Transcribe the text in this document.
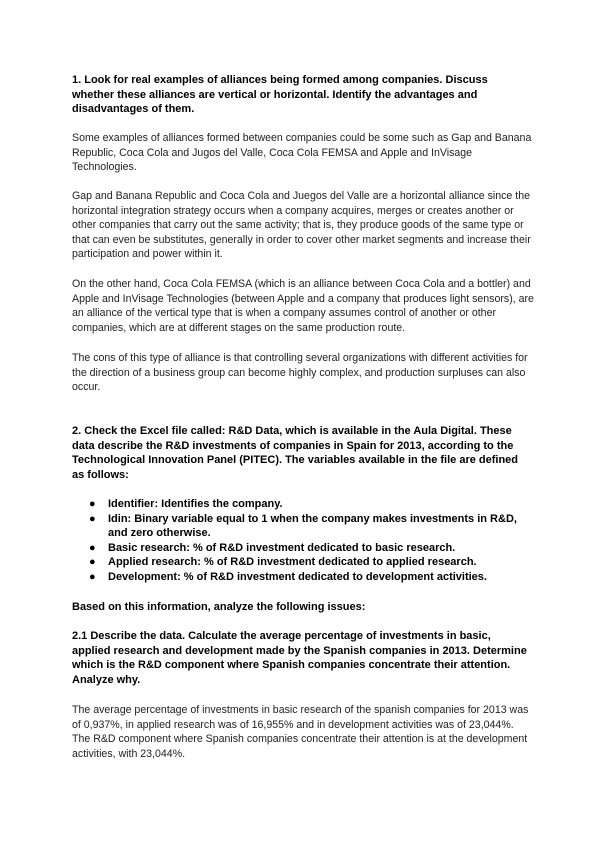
1. Look for real examples of alliances being formed among companies. Discuss whether these alliances are vertical or horizontal. Identify the advantages and disadvantages of them.

Some examples of alliances formed between companies could be some such as Gap and Banana Republic, Coca Cola and Jugos del Valle, Coca Cola FEMSA and Apple and InVisage Technologies.

Gap and Banana Republic and Coca Cola and Juegos del Valle are a horizontal alliance since the horizontal integration strategy occurs when a company acquires, merges or creates another or other companies that carry out the same activity; that is, they produce goods of the same type or that can even be substitutes, generally in order to cover other market segments and increase their participation and power within it.

On the other hand, Coca Cola FEMSA (which is an alliance between Coca Cola and a bottler) and Apple and InVisage Technologies (between Apple and a company that produces light sensors), are an alliance of the vertical type that is when a company assumes control of another or other companies, which are at different stages on the same production route.

The cons of this type of alliance is that controlling several organizations with different activities for the direction of a business group can become highly complex, and production surpluses can also occur.

2. Check the Excel file called: R&D Data, which is available in the Aula Digital. These data describe the R&D investments of companies in Spain for 2013, according to the Technological Innovation Panel (PITEC). The variables available in the file are defined as follows:

● Identifier: Identifies the company.
● Idin: Binary variable equal to 1 when the company makes investments in R&D, and zero otherwise.
● Basic research: % of R&D investment dedicated to basic research.
● Applied research: % of R&D investment dedicated to applied research.
● Development: % of R&D investment dedicated to development activities.

Based on this information, analyze the following issues:

2.1 Describe the data. Calculate the average percentage of investments in basic, applied research and development made by the Spanish companies in 2013. Determine which is the R&D component where Spanish companies concentrate their attention. Analyze why.

The average percentage of investments in basic research of the spanish companies for 2013 was of 0,937%, in applied research was of 16,955% and in development activities was of 23,044%. The R&D component where Spanish companies concentrate their attention is at the development activities, with 23,044%.
